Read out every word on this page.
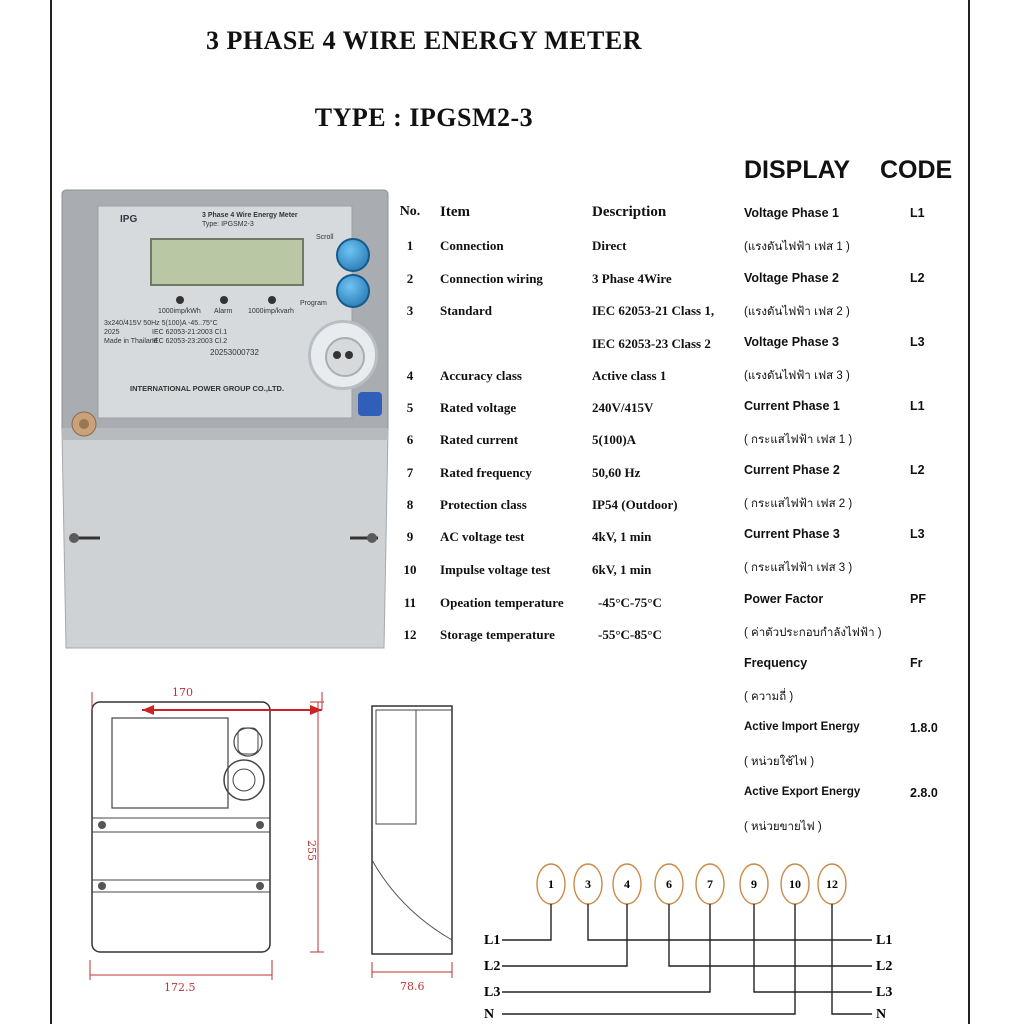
3 PHASE 4 WIRE ENERGY METER
TYPE : IPGSM2-3
DISPLAY CODE
IPG	3 Phase 4 Wire Energy Meter
Type: IPGSM2-3
Scroll
Program
1000imp/kWh Alarm 1000imp/kvarh
3x240/415V 50Hz 5(100)A -45..75°C
2025	IEC 62053-21:2003 Cl.1
Made in Thailand
IEC 62053-23:2003 Cl.2
20253000732
INTERNATIONAL POWER GROUP CO.,LTD.
No. Item	Description
1	Connection	Direct
2	Connection wiring	3 Phase 4Wire
3	Standard	IEC 62053-21 Class 1,
IEC 62053-23 Class 2
4	Accuracy class	Active class 1
5	Rated voltage	240V/415V
6	Rated current	5(100)A
7	Rated frequency	50,60 Hz
8	Protection class	IP54 (Outdoor)
9	AC voltage test	4kV, 1 min
10	Impulse voltage test	6kV, 1 min
11	Opeation temperature	-45°C-75°C
12	Storage temperature	-55°C-85°C
Voltage Phase 1	L1
(แรงดันไฟฟ้า เฟส 1 )
Voltage Phase 2	L2
(แรงดันไฟฟ้า เฟส 2 )
Voltage Phase 3	L3
(แรงดันไฟฟ้า เฟส 3 )
Current Phase 1	L1
( กระแสไฟฟ้า เฟส 1 )
Current Phase 2	L2
( กระแสไฟฟ้า เฟส 2 )
Current Phase 3	L3
( กระแสไฟฟ้า เฟส 3 )
Power Factor	PF
( ค่าตัวประกอบกำลังไฟฟ้า )
Frequency	Fr
( ความถี่ )
Active Import Energy	1.8.0
( หน่วยใช้ไฟ )
Active Export Energy	2.8.0
( หน่วยขายไฟ )
170
172.5
255
78.6
1	3	4	6	7	9	10 12
L1
L2
L3
N
L1
L2
L3
N
